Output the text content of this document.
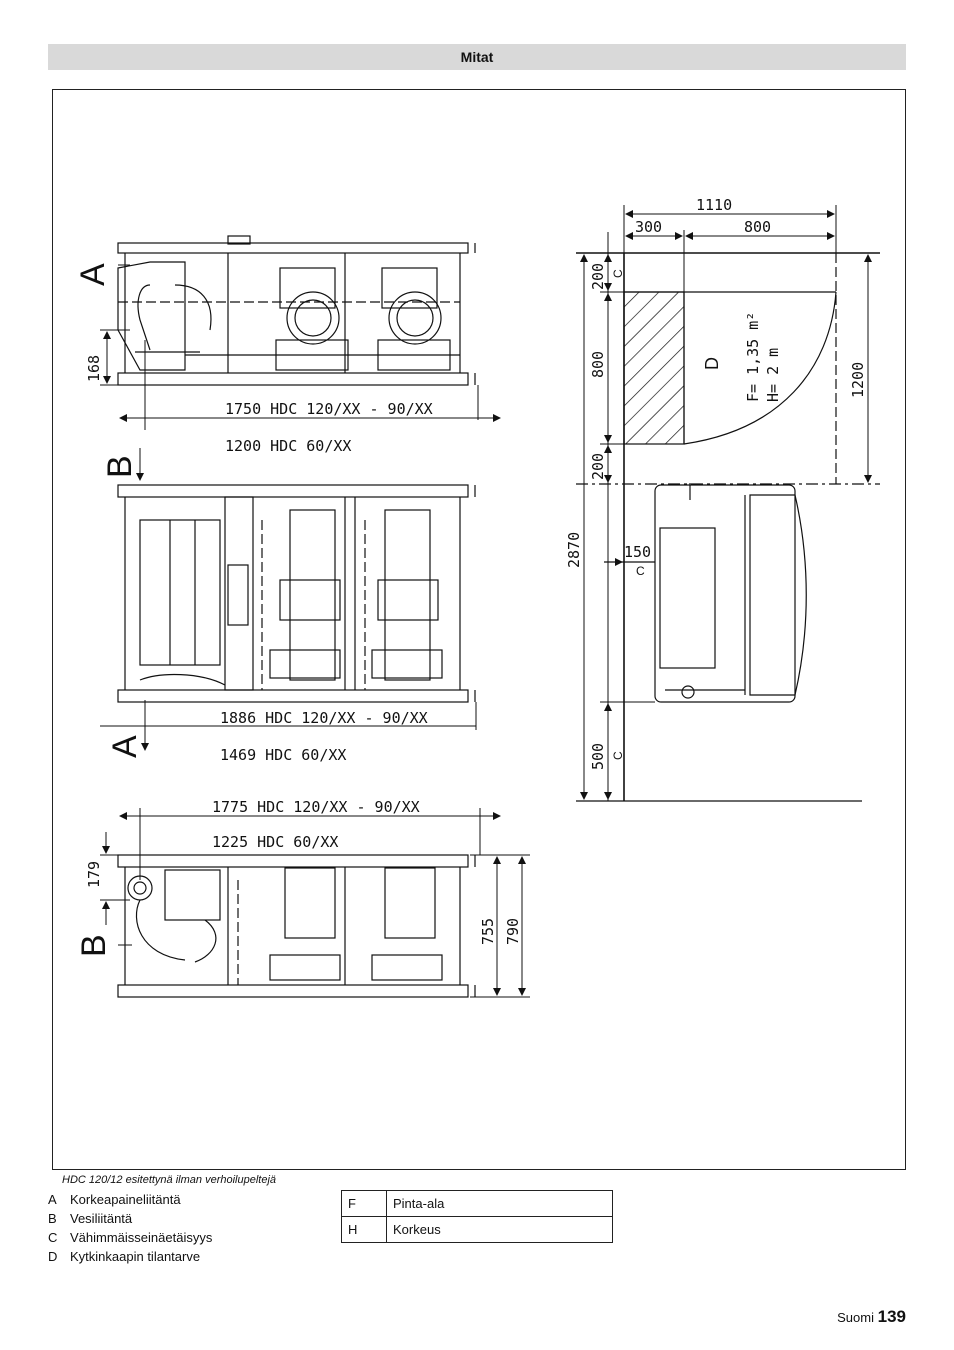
Mitat
A
168
1750 HDC 120/XX - 90/XX
1200 HDC 60/XX
B
A
1886 HDC 120/XX - 90/XX
1469 HDC 60/XX
B
1775 HDC 120/XX - 90/XX
1225 HDC 60/XX
179
755 790
1110
300	800
200 C
800
200
2870	150
C
500 C
1200
D F= 1,35 m² H= 2 m
HDC 120/12 esitettynä ilman verhoilupeltejä
A	Korkeapaineliitäntä
B	Vesiliitäntä
C Vähimmäisseinäetäisyys
D Kytkinkaapin tilantarve
F	Pinta-ala
H	Korkeus
Suomi 139
